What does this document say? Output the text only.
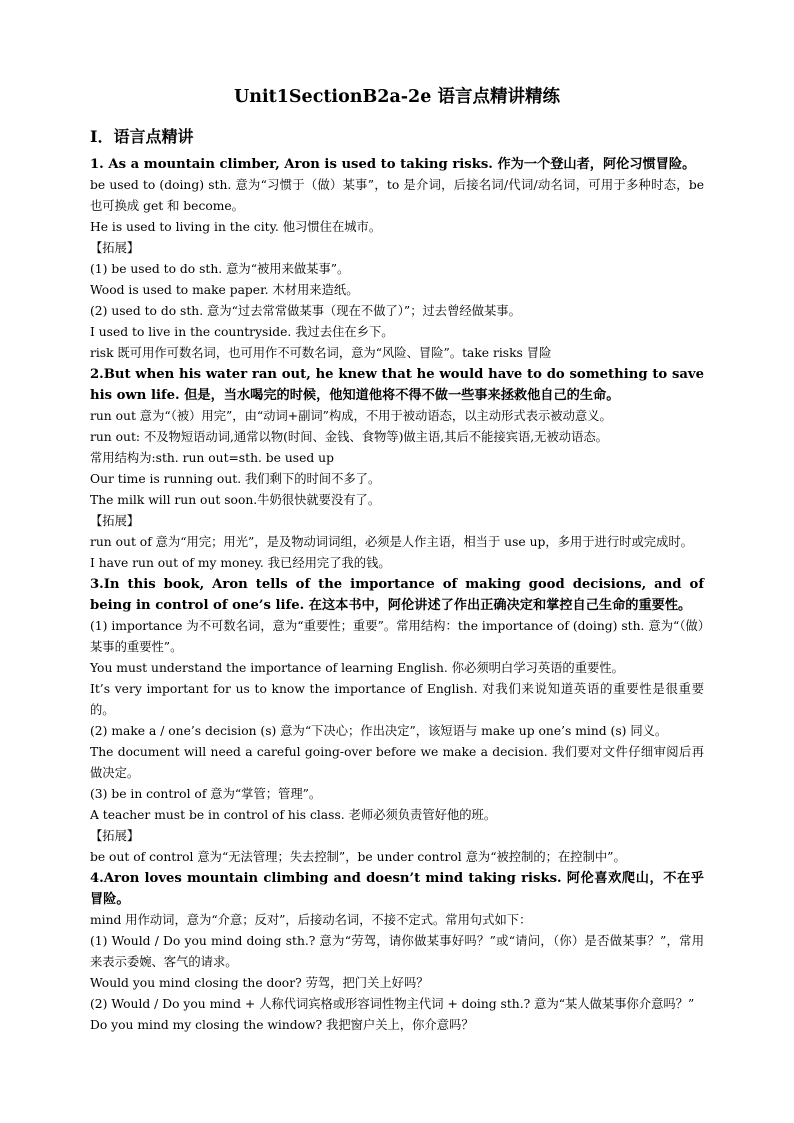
Unit1SectionB2a-2e 语言点精讲精练
I．语言点精讲
1. As a mountain climber, Aron is used to taking risks. 作为一个登山者，阿伦习惯冒险。
be used to (doing) sth. 意为“习惯于（做）某事”，to 是介词，后接名词/代词/动名词，可用于多种时态，be 也可换成 get 和 become。
He is used to living in the city. 他习惯住在城市。
【拓展】
(1) be used to do sth. 意为“被用来做某事”。
Wood is used to make paper. 木材用来造纸。
(2) used to do sth. 意为“过去常常做某事（现在不做了）”；过去曾经做某事。
I used to live in the countryside. 我过去住在乡下。
risk 既可用作可数名词，也可用作不可数名词，意为“风险、冒险”。take risks 冒险
2.But when his water ran out, he knew that he would have to do something to save his own life. 但是，当水喝完的时候，他知道他将不得不做一些事来拯救他自己的生命。
run out 意为“（被）用完”，由“动词+副词”构成，不用于被动语态，以主动形式表示被动意义。
run out: 不及物短语动词,通常以物(时间、金钱、食物等)做主语,其后不能接宾语,无被动语态。
常用结构为:sth. run out=sth. be used up
Our time is running out. 我们剩下的时间不多了。
The milk will run out soon.牛奶很快就要没有了。
【拓展】
run out of 意为“用完；用光”，是及物动词词组，必须是人作主语，相当于 use up，多用于进行时或完成时。
I have run out of my money. 我已经用完了我的钱。
3.In this book, Aron tells of the importance of making good decisions, and of being in control of one’s life. 在这本书中，阿伦讲述了作出正确决定和掌控自己生命的重要性。
(1) importance 为不可数名词，意为“重要性；重要”。常用结构：the importance of (doing) sth. 意为“（做）某事的重要性”。
You must understand the importance of learning English. 你必须明白学习英语的重要性。
It’s very important for us to know the importance of English. 对我们来说知道英语的重要性是很重要的。
(2) make a / one’s decision (s) 意为“下决心；作出决定”，该短语与 make up one’s mind (s) 同义。
The document will need a careful going-over before we make a decision. 我们要对文件仔细审阅后再做决定。
(3) be in control of 意为“掌管；管理”。
A teacher must be in control of his class. 老师必须负责管好他的班。
【拓展】
be out of control 意为“无法管理；失去控制”，be under control 意为“被控制的；在控制中”。
4.Aron loves mountain climbing and doesn’t mind taking risks. 阿伦喜欢爬山，不在乎冒险。
mind 用作动词，意为“介意；反对”，后接动名词，不接不定式。常用句式如下：
(1) Would / Do you mind doing sth.? 意为“劳驾，请你做某事好吗？”或“请问，（你）是否做某事？”，常用来表示委婉、客气的请求。
Would you mind closing the door? 劳驾，把门关上好吗？
(2) Would / Do you mind + 人称代词宾格或形容词性物主代词 + doing sth.? 意为“某人做某事你介意吗？”
Do you mind my closing the window? 我把窗户关上，你介意吗？
